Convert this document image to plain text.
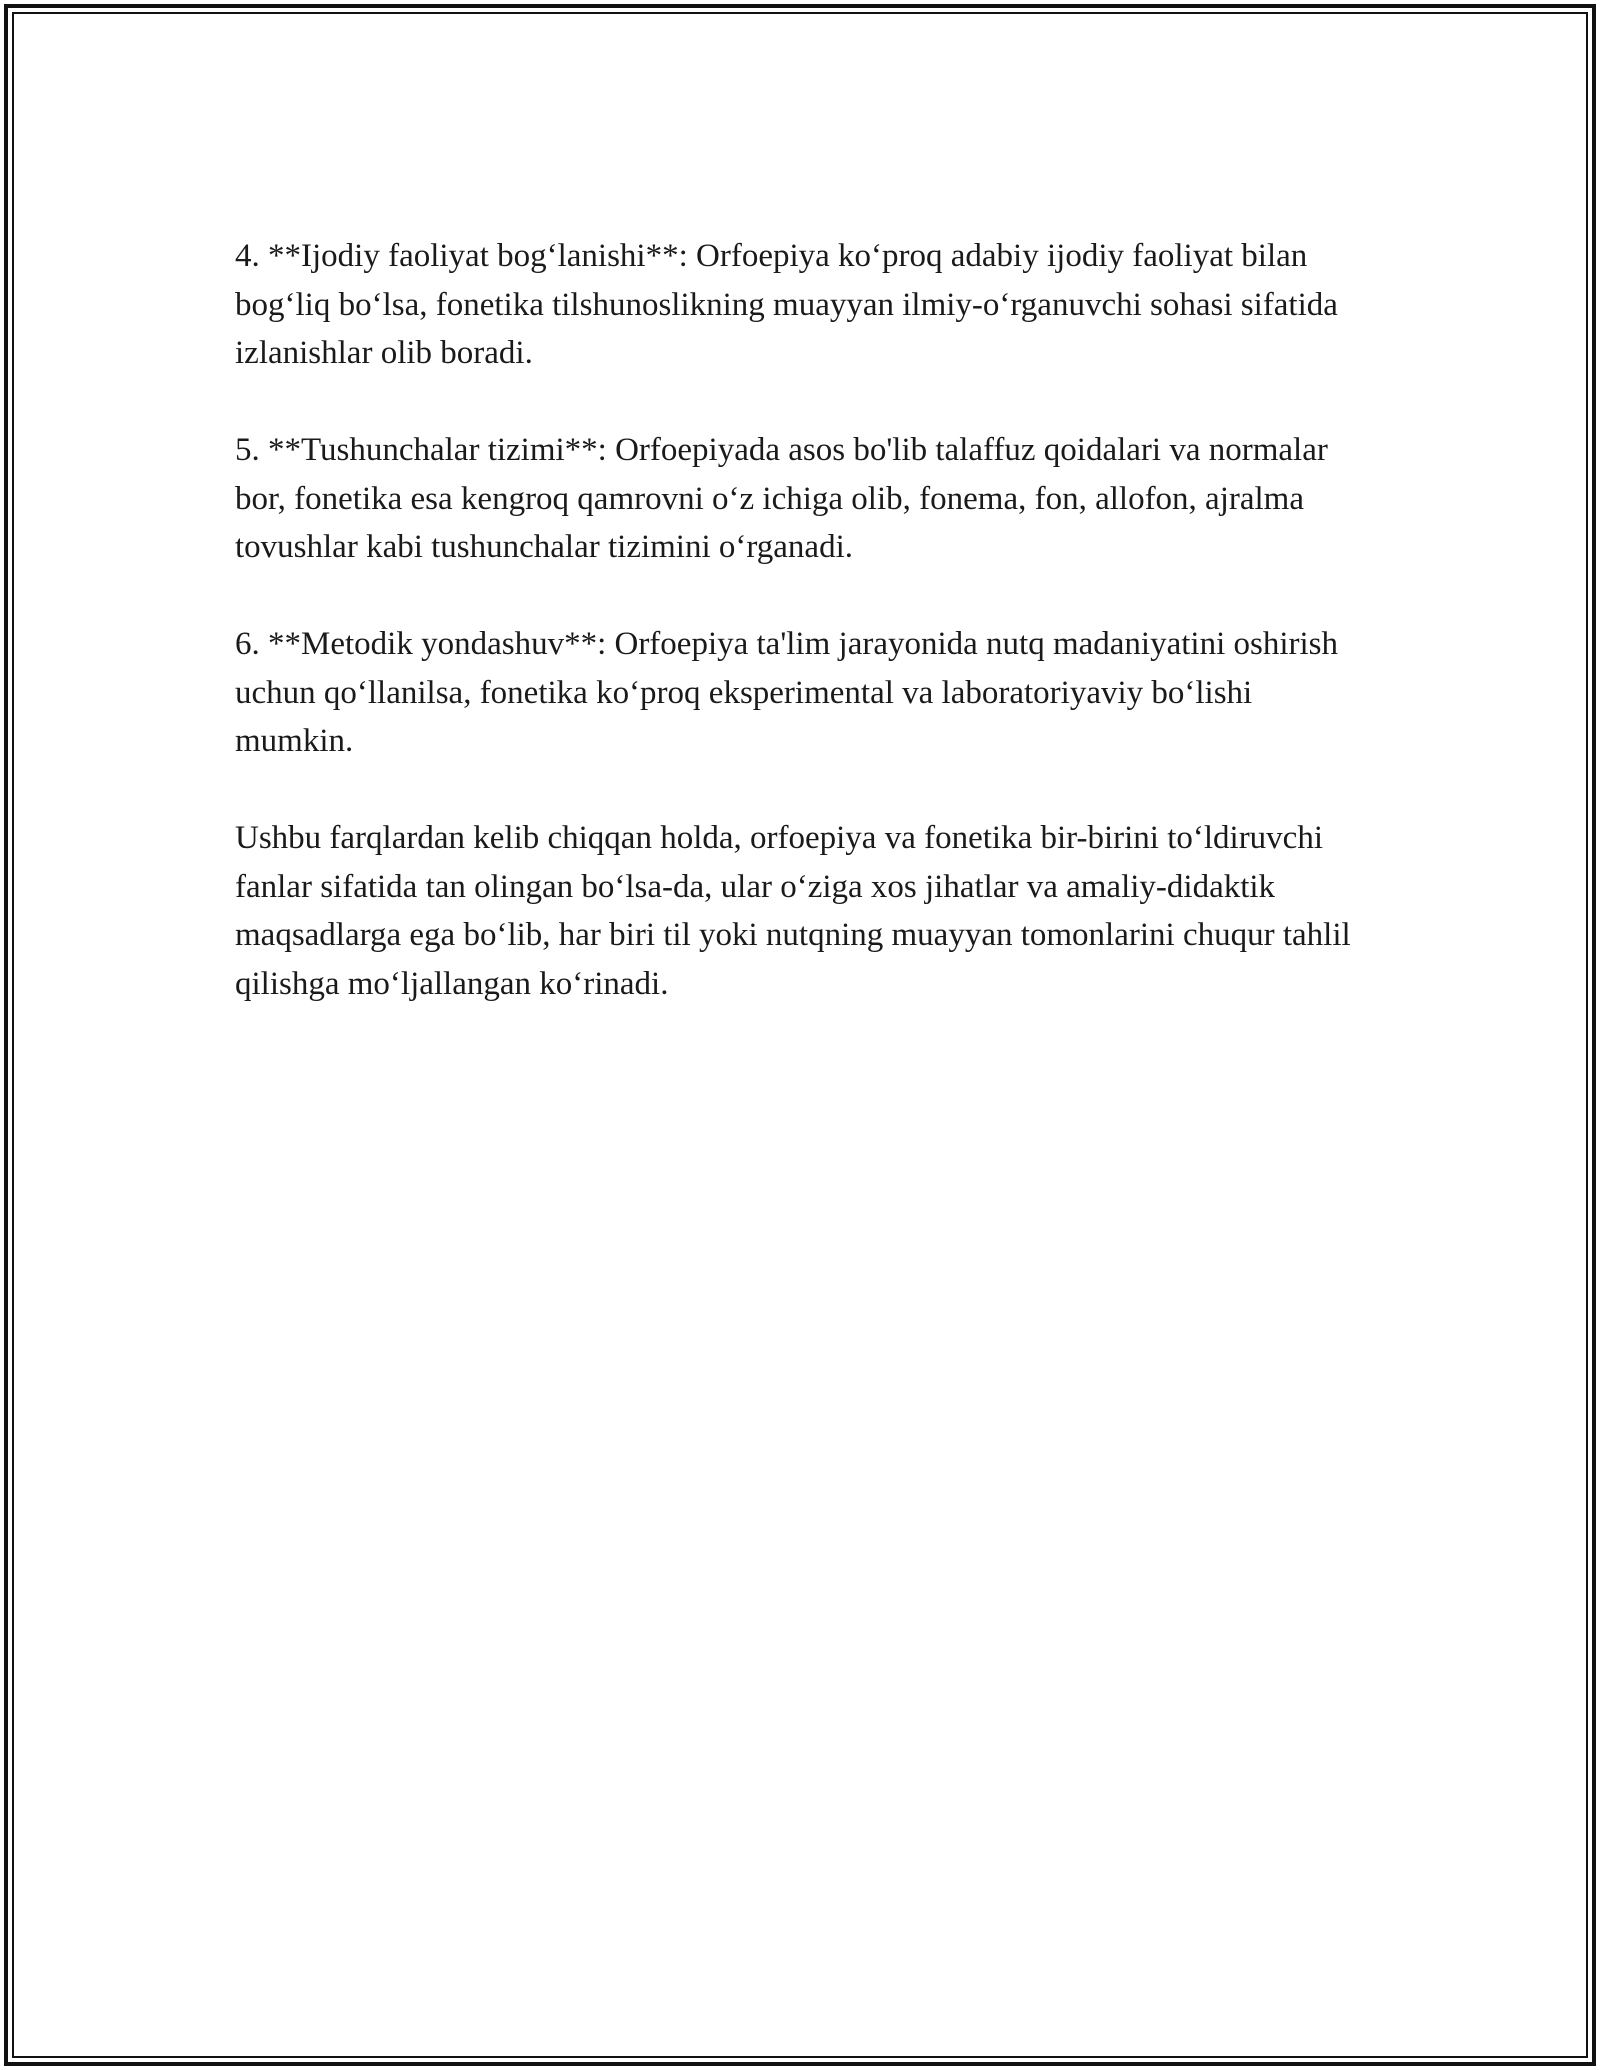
4. **Ijodiy faoliyat bog‘lanishi**: Orfoepiya ko‘proq adabiy ijodiy faoliyat bilan bog‘liq bo‘lsa, fonetika tilshunoslikning muayyan ilmiy-o‘rganuvchi sohasi sifatida izlanishlar olib boradi.

5. **Tushunchalar tizimi**: Orfoepiyada asos bo'lib talaffuz qoidalari va normalar bor, fonetika esa kengroq qamrovni o‘z ichiga olib, fonema, fon, allofon, ajralma tovushlar kabi tushunchalar tizimini o‘rganadi.

6. **Metodik yondashuv**: Orfoepiya ta'lim jarayonida nutq madaniyatini oshirish uchun qo‘llanilsa, fonetika ko‘proq eksperimental va laboratoriyaviy bo‘lishi mumkin.

Ushbu farqlardan kelib chiqqan holda, orfoepiya va fonetika bir-birini to‘ldiruvchi fanlar sifatida tan olingan bo‘lsa-da, ular o‘ziga xos jihatlar va amaliy-didaktik maqsadlarga ega bo‘lib, har biri til yoki nutqning muayyan tomonlarini chuqur tahlil qilishga mo‘ljallangan ko‘rinadi.
